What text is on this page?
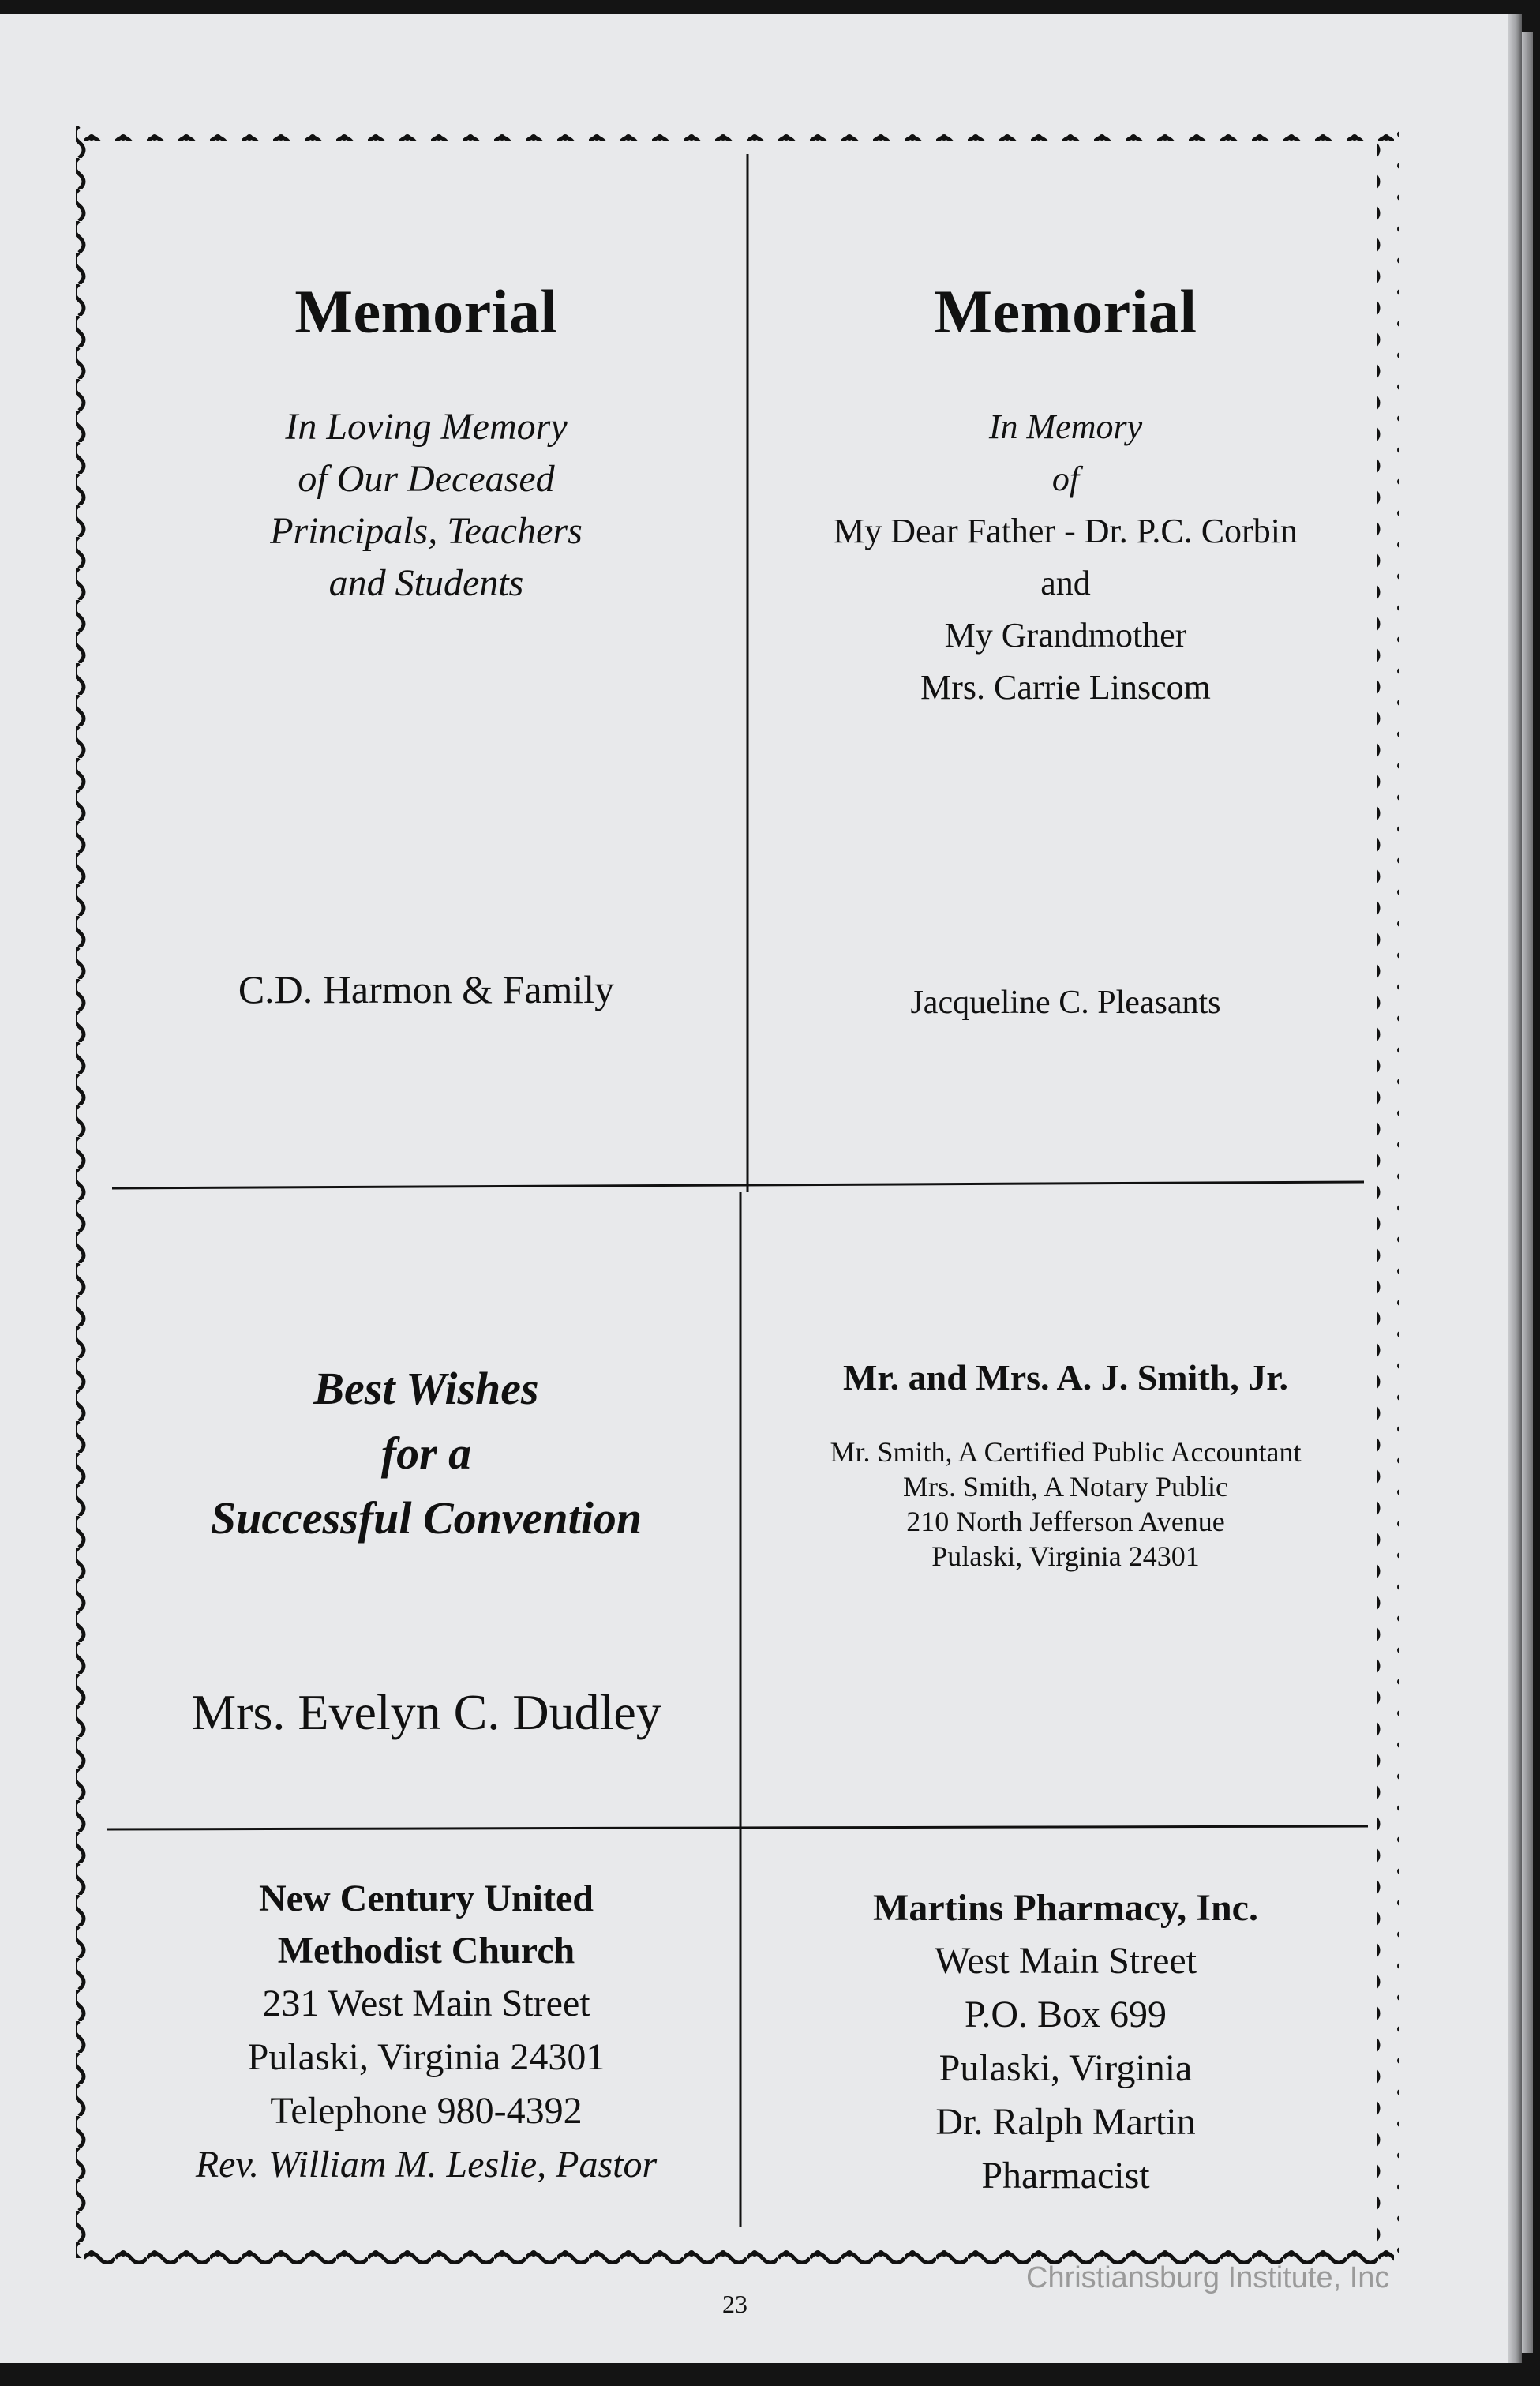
Memorial
In Loving Memory
of Our Deceased
Principals, Teachers
and Students
C.D. Harmon & Family
Memorial
In Memory
of
My Dear Father - Dr. P.C. Corbin
and
My Grandmother
Mrs. Carrie Linscom
Jacqueline C. Pleasants
Best Wishes
for a
Successful Convention
Mrs. Evelyn C. Dudley
Mr. and Mrs. A. J. Smith, Jr.
Mr. Smith, A Certified Public Accountant
Mrs. Smith, A Notary Public
210 North Jefferson Avenue
Pulaski, Virginia 24301
New Century United
Methodist Church
231 West Main Street
Pulaski, Virginia 24301
Telephone 980-4392
Rev. William M. Leslie, Pastor
Martins Pharmacy, Inc.
West Main Street
P.O. Box 699
Pulaski, Virginia
Dr. Ralph Martin
Pharmacist
23
Christiansburg Institute, Inc
